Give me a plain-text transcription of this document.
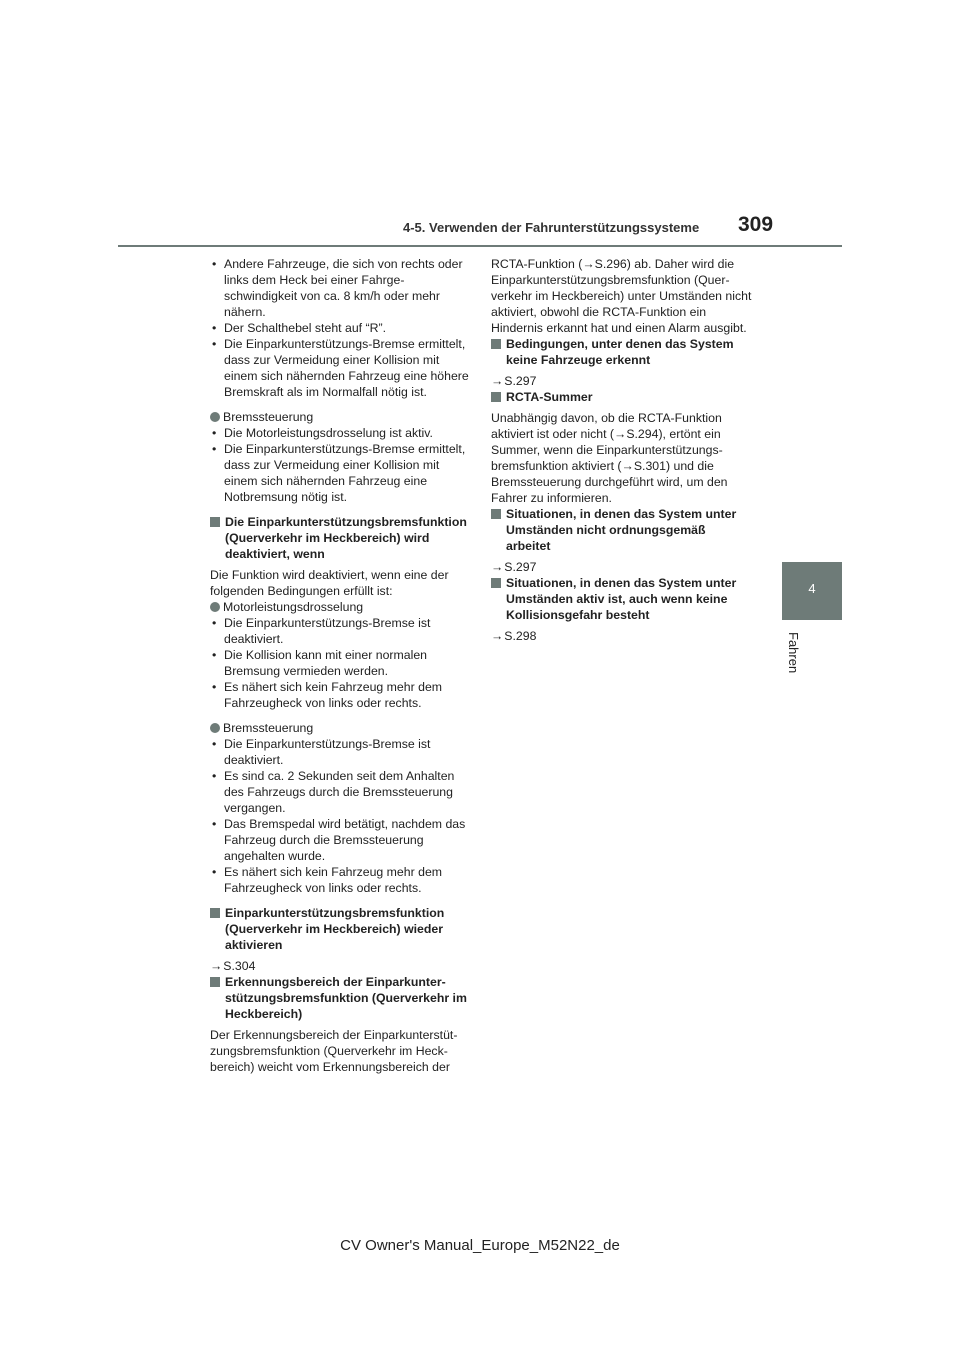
4-5. Verwenden der Fahrunterstützungssysteme 309
4
Fahren
• Andere Fahrzeuge, die sich von rechts oder links dem Heck bei einer Fahrgeschwindigkeit von ca. 8 km/h oder mehr nähern.
• Der Schalthebel steht auf “R”.
• Die Einparkunterstützungs-Bremse ermittelt, dass zur Vermeidung einer Kollision mit einem sich nähernden Fahrzeug eine höhere Bremskraft als im Normalfall nötig ist.
Bremssteuerung
• Die Motorleistungsdrosselung ist aktiv.
• Die Einparkunterstützungs-Bremse ermittelt, dass zur Vermeidung einer Kollision mit einem sich nähernden Fahrzeug eine Notbremsung nötig ist.
Die Einparkunterstützungsbremsfunktion (Querverkehr im Heckbereich) wird deaktiviert, wenn

Die Funktion wird deaktiviert, wenn eine der folgenden Bedingungen erfüllt ist:

Motorleistungsdrosselung
• Die Einparkunterstützungs-Bremse ist deaktiviert.
• Die Kollision kann mit einer normalen Bremsung vermieden werden.
• Es nähert sich kein Fahrzeug mehr dem Fahrzeugheck von links oder rechts.
Bremssteuerung
• Die Einparkunterstützungs-Bremse ist deaktiviert.
• Es sind ca. 2 Sekunden seit dem Anhalten des Fahrzeugs durch die Bremssteuerung vergangen.
• Das Bremspedal wird betätigt, nachdem das Fahrzeug durch die Bremssteuerung angehalten wurde.
• Es nähert sich kein Fahrzeug mehr dem Fahrzeugheck von links oder rechts.
Einparkunterstützungsbremsfunktion (Querverkehr im Heckbereich) wieder aktivieren

→S.304

Erkennungsbereich der Einparkunterstützungsbremsfunktion (Querverkehr im Heckbereich)

Der Erkennungsbereich der Einparkunterstützungsbremsfunktion (Querverkehr im Heckbereich) weicht vom Erkennungsbereich der

RCTA-Funktion (→S.296) ab. Daher wird die Einparkunterstützungsbremsfunktion (Querverkehr im Heckbereich) unter Umständen nicht aktiviert, obwohl die RCTA-Funktion ein Hindernis erkannt hat und einen Alarm ausgibt.

Bedingungen, unter denen das System keine Fahrzeuge erkennt

→S.297

RCTA-Summer

Unabhängig davon, ob die RCTA-Funktion aktiviert ist oder nicht (→S.294), ertönt ein Summer, wenn die Einparkunterstützungsbremsfunktion aktiviert (→S.301) und die Bremssteuerung durchgeführt wird, um den Fahrer zu informieren.

Situationen, in denen das System unter Umständen nicht ordnungsgemäß arbeitet

→S.297

Situationen, in denen das System unter Umständen aktiv ist, auch wenn keine Kollisionsgefahr besteht

→S.298

CV Owner's Manual_Europe_M52N22_de
